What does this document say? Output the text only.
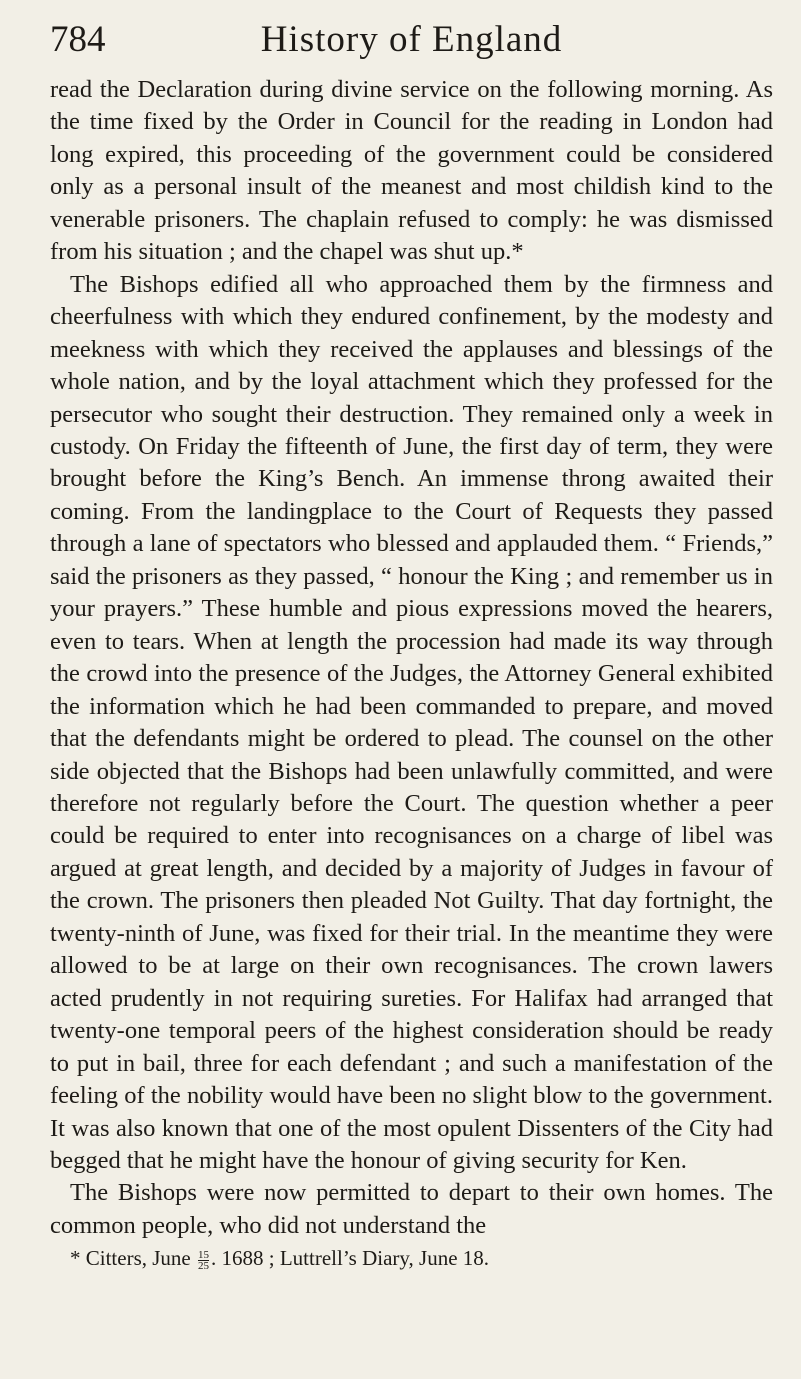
784	History of England

read the Declaration during divine service on the following morning. As the time fixed by the Order in Council for the reading in London had long expired, this proceeding of the government could be considered only as a personal insult of the meanest and most childish kind to the venerable prisoners. The chaplain refused to comply: he was dismissed from his situation ; and the chapel was shut up.*

The Bishops edified all who approached them by the firmness and cheerfulness with which they endured confinement, by the modesty and meekness with which they received the applauses and blessings of the whole nation, and by the loyal attachment which they professed for the persecutor who sought their destruction. They remained only a week in custody. On Friday the fifteenth of June, the first day of term, they were brought before the King’s Bench. An immense throng awaited their coming. From the landingplace to the Court of Requests they passed through a lane of spectators who blessed and applauded them. “ Friends,” said the prisoners as they passed, “ honour the King ; and remember us in your prayers.” These humble and pious expressions moved the hearers, even to tears. When at length the procession had made its way through the crowd into the presence of the Judges, the Attorney General exhibited the information which he had been commanded to prepare, and moved that the defendants might be ordered to plead. The counsel on the other side objected that the Bishops had been unlawfully committed, and were therefore not regularly before the Court. The question whether a peer could be required to enter into recognisances on a charge of libel was argued at great length, and decided by a majority of Judges in favour of the crown. The prisoners then pleaded Not Guilty. That day fortnight, the twenty-ninth of June, was fixed for their trial. In the meantime they were allowed to be at large on their own recognisances. The crown lawers acted prudently in not requiring sureties. For Halifax had arranged that twenty-one temporal peers of the highest consideration should be ready to put in bail, three for each defendant ; and such a manifestation of the feeling of the nobility would have been no slight blow to the government. It was also known that one of the most opulent Dissenters of the City had begged that he might have the honour of giving security for Ken.

The Bishops were now permitted to depart to their own homes. The common people, who did not understand the

* Citters, June $\frac{15}{25}$ . 1688 ; Luttrell’s Diary, June 18.
